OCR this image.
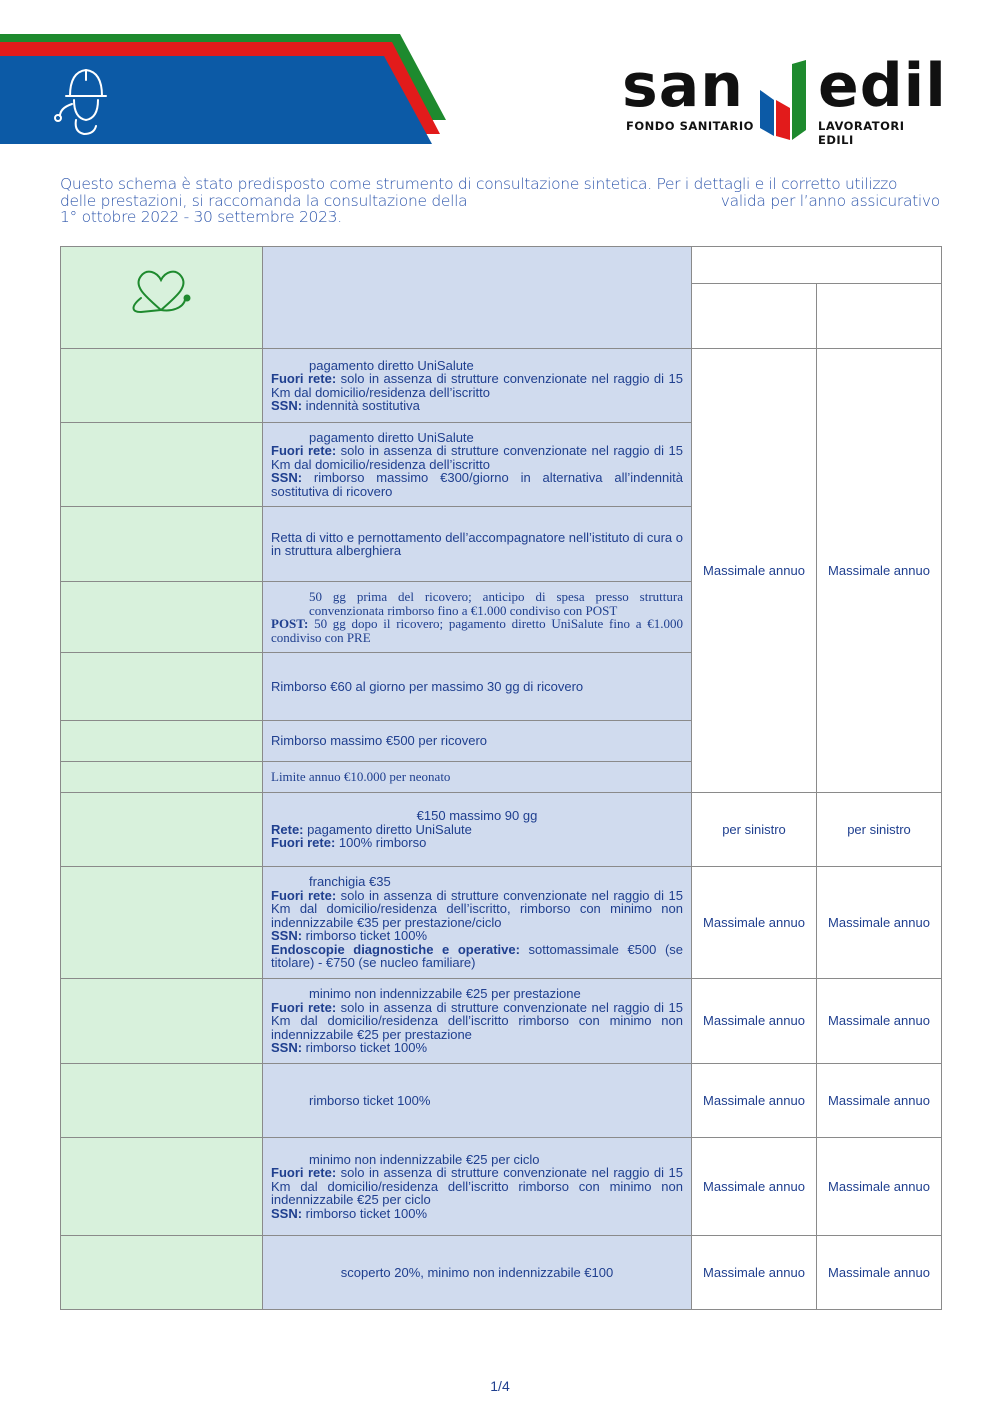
san edil
FONDO SANITARIO	LAVORATORI EDILI
Questo schema è stato predisposto come strumento di consultazione sintetica. Per i dettagli e il corretto utilizzo
delle prestazioni, si raccomanda la consultazione della	valida per l’anno assicurativo
1° ottobre 2022 - 30 settembre 2023.

	pagamento diretto UniSalute
Fuori rete: solo in assenza di strutture convenzionate nel raggio di 15 Km dal domicilio/residenza dell’iscritto
SSN: indennità sostitutiva	Massimale annuo	Massimale annuo

	pagamento diretto UniSalute
Fuori rete: solo in assenza di strutture convenzionate nel raggio di 15 Km dal domicilio/residenza dell’iscritto
SSN: rimborso massimo €300/giorno in alternativa all’indennità sostitutiva di ricovero		

	Retta di vitto e pernottamento dell’accompagnatore nell’istituto di cura o in struttura alberghiera		

	50 gg prima del ricovero; anticipo di spesa presso struttura convenzionata rimborso fino a €1.000 condiviso con POST
POST: 50 gg dopo il ricovero; pagamento diretto UniSalute fino a €1.000 condiviso con PRE		

	Rimborso €60 al giorno per massimo 30 gg di ricovero		

	Rimborso massimo €500 per ricovero		

	Limite annuo €10.000 per neonato		

	€150 massimo 90 gg
Rete: pagamento diretto UniSalute
Fuori rete: 100% rimborso	per sinistro	per sinistro

	franchigia €35
Fuori rete: solo in assenza di strutture convenzionate nel raggio di 15 Km dal domicilio/residenza dell’iscritto, rimborso con minimo non indennizzabile €35 per prestazione/ciclo
SSN: rimborso ticket 100%
Endoscopie diagnostiche e operative: sottomassimale €500 (se titolare) - €750 (se nucleo familiare)	Massimale annuo	Massimale annuo

	minimo non indennizzabile €25 per prestazione
Fuori rete: solo in assenza di strutture convenzionate nel raggio di 15 Km dal domicilio/residenza dell’iscritto rimborso con minimo non indennizzabile €25 per prestazione
SSN: rimborso ticket 100%	Massimale annuo	Massimale annuo

	rimborso ticket 100%	Massimale annuo	Massimale annuo

	minimo non indennizzabile €25 per ciclo
Fuori rete: solo in assenza di strutture convenzionate nel raggio di 15 Km dal domicilio/residenza dell’iscritto rimborso con minimo non indennizzabile €25 per ciclo
SSN: rimborso ticket 100%	Massimale annuo	Massimale annuo

	scoperto 20%, minimo non indennizzabile €100	Massimale annuo	Massimale annuo
1/4
